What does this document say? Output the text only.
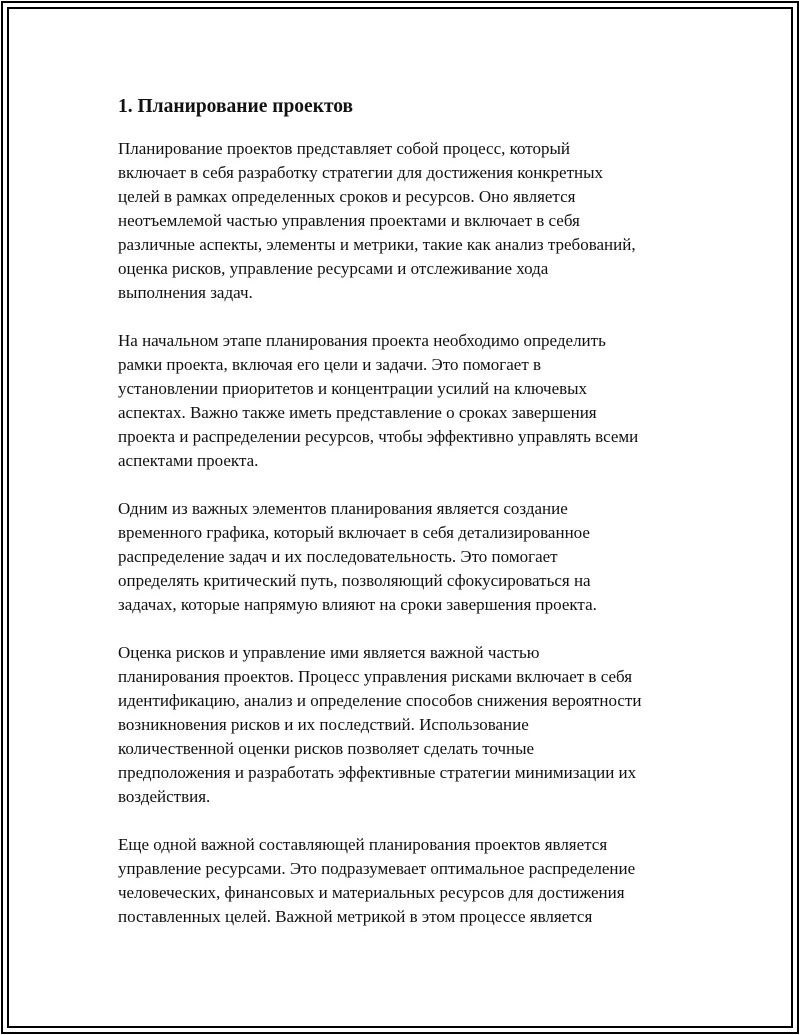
1. Планирование проектов
Планирование проектов представляет собой процесс, который
включает в себя разработку стратегии для достижения конкретных
целей в рамках определенных сроков и ресурсов. Оно является
неотъемлемой частью управления проектами и включает в себя
различные аспекты, элементы и метрики, такие как анализ требований,
оценка рисков, управление ресурсами и отслеживание хода
выполнения задач.
На начальном этапе планирования проекта необходимо определить
рамки проекта, включая его цели и задачи. Это помогает в
установлении приоритетов и концентрации усилий на ключевых
аспектах. Важно также иметь представление о сроках завершения
проекта и распределении ресурсов, чтобы эффективно управлять всеми
аспектами проекта.
Одним из важных элементов планирования является создание
временного графика, который включает в себя детализированное
распределение задач и их последовательность. Это помогает
определять критический путь, позволяющий сфокусироваться на
задачах, которые напрямую влияют на сроки завершения проекта.
Оценка рисков и управление ими является важной частью
планирования проектов. Процесс управления рисками включает в себя
идентификацию, анализ и определение способов снижения вероятности
возникновения рисков и их последствий. Использование
количественной оценки рисков позволяет сделать точные
предположения и разработать эффективные стратегии минимизации их
воздействия.
Еще одной важной составляющей планирования проектов является
управление ресурсами. Это подразумевает оптимальное распределение
человеческих, финансовых и материальных ресурсов для достижения
поставленных целей. Важной метрикой в этом процессе является
